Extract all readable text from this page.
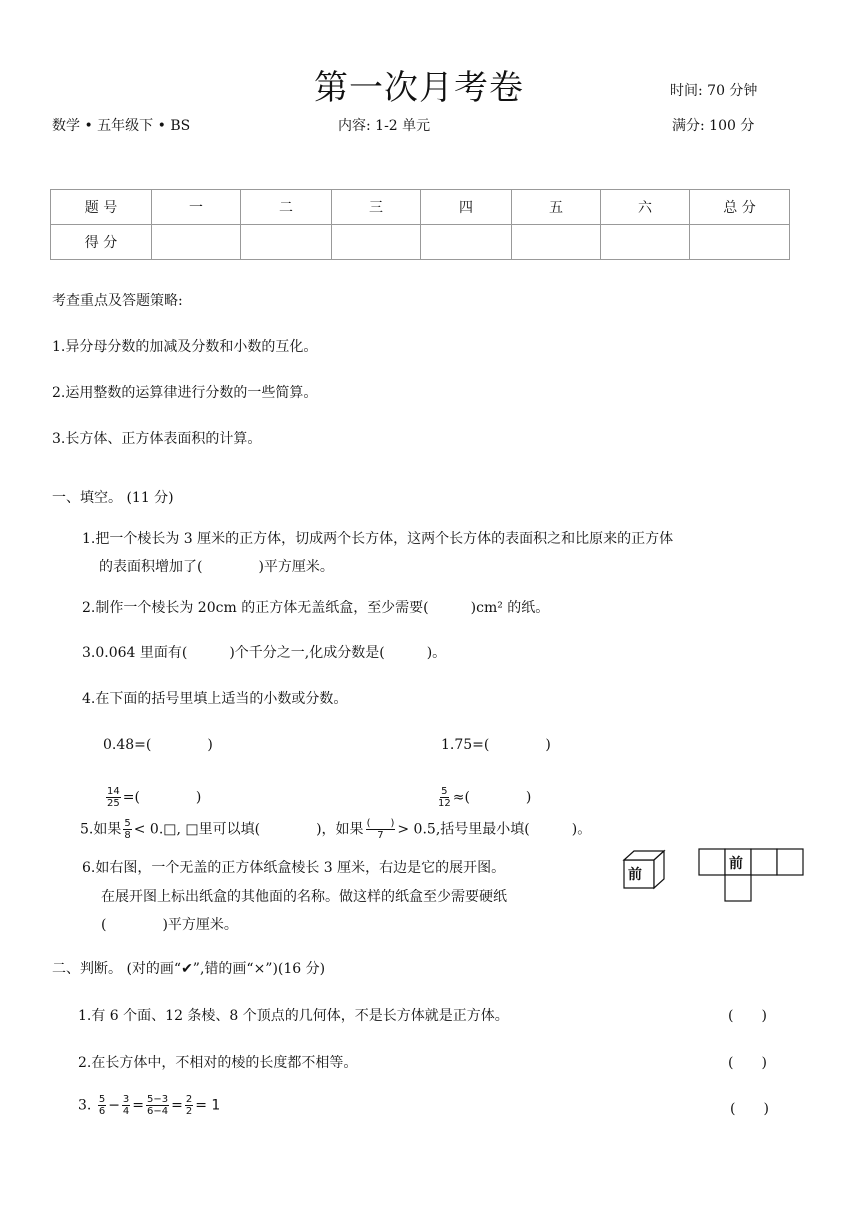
第一次月考卷	时间: 70 分钟
数学 • 五年级下 • BS	内容: 1-2 单元	满分: 100 分
题 号	一	二	三	四	五	六	总 分
得 分							
考查重点及答题策略:
1.异分母分数的加减及分数和小数的互化。
2.运用整数的运算律进行分数的一些简算。
3.长方体、正方体表面积的计算。
一、填空。 (11 分)
1.把一个棱长为 3 厘米的正方体，切成两个长方体，这两个长方体的表面积之和比原来的正方体
的表面积增加了(　　　　)平方厘米。
2.制作一个棱长为 20cm 的正方体无盖纸盒，至少需要(　　　)cm² 的纸。
3.0.064 里面有(　　　)个千分之一,化成分数是(　　　)。
4.在下面的括号里填上适当的小数或分数。
0.48=(　　　　)	1.75=(　　　　)
$\frac{14}{25}$ =(　　　　)	$\frac{5}{12}$ ≈(　　　　)
5.如果 $\frac{5}{8}$ < 0.□, □里可以填(　　　　)，如果 $\frac{( )}{7} > 0.5$,括号里最小填(　　　)。
6.如右图，一个无盖的正方体纸盒棱长 3 厘米，右边是它的展开图。
在展开图上标出纸盒的其他面的名称。做这样的纸盒至少需要硬纸
(　　　　)平方厘米。
前
前
二、判断。 (对的画“✔”,错的画“×”)(16 分)
1.有 6 个面、12 条棱、8 个顶点的几何体，不是长方体就是正方体。	(　　)
2.在长方体中，不相对的棱的长度都不相等。	(　　)
3. $\frac{5}{6} - \frac{3}{4} = \frac{5-3}{6-4} = \frac{2}{2} = 1$	(　　)
